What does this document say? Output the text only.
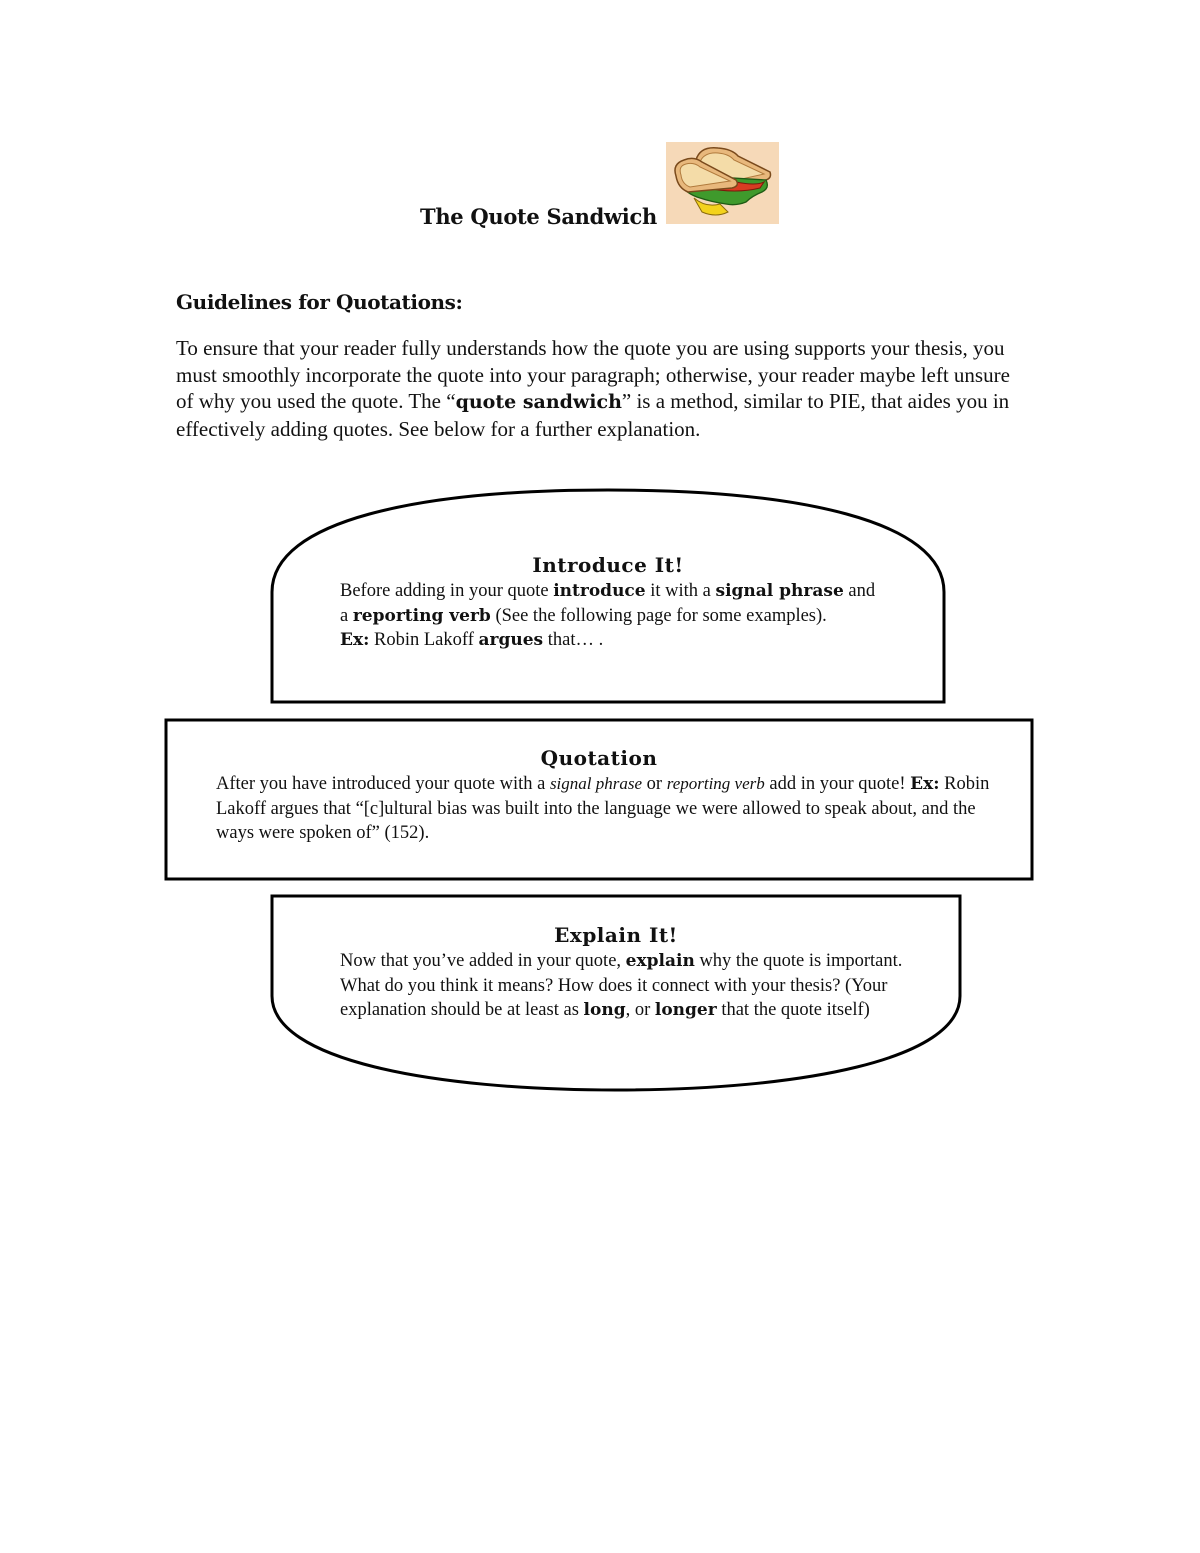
The Quote Sandwich
Guidelines for Quotations:

To ensure that your reader fully understands how the quote you are using supports your thesis, you must smoothly incorporate the quote into your paragraph; otherwise, your reader maybe left unsure of why you used the quote. The “quote sandwich” is a method, similar to PIE, that aides you in effectively adding quotes. See below for a further explanation.

Introduce It!
Before adding in your quote introduce it with a signal phrase and a reporting verb (See the following page for some examples).
Ex: Robin Lakoff argues that… .
Quotation
After you have introduced your quote with a signal phrase or reporting verb add in your quote! Ex: Robin Lakoff argues that “[c]ultural bias was built into the language we were allowed to speak about, and the ways were spoken of” (152).
Explain It!
Now that you’ve added in your quote, explain why the quote is important. What do you think it means? How does it connect with your thesis? (Your explanation should be at least as long, or longer that the quote itself)
